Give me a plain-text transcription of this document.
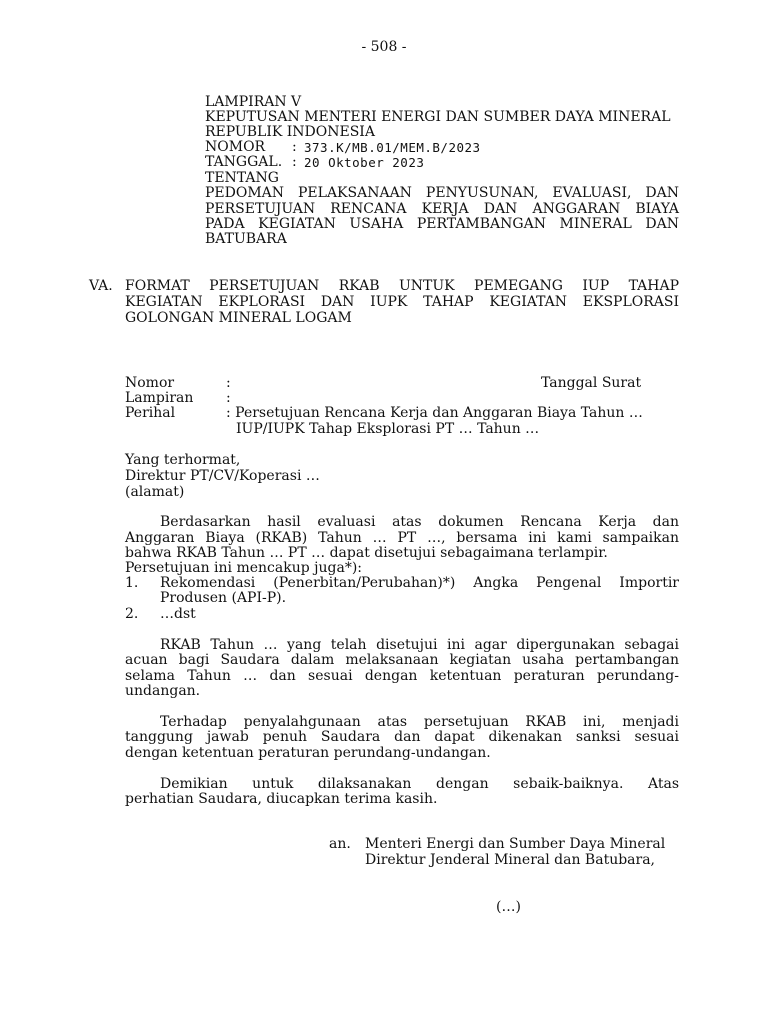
- 508 -
LAMPIRAN V
KEPUTUSAN MENTERI ENERGI DAN SUMBER DAYA MINERAL
REPUBLIK INDONESIA
NOMOR : 373.K/MB.01/MEM.B/2023
TANGGAL. : 20 Oktober 2023
TENTANG
PEDOMAN PELAKSANAAN PENYUSUNAN, EVALUASI, DAN
PERSETUJUAN RENCANA KERJA DAN ANGGARAN BIAYA
PADA KEGIATAN USAHA PERTAMBANGAN MINERAL DAN
BATUBARA
VA. FORMAT PERSETUJUAN RKAB UNTUK PEMEGANG IUP TAHAP
KEGIATAN EKPLORASI DAN IUPK TAHAP KEGIATAN EKSPLORASI
GOLONGAN MINERAL LOGAM
Nomor	:	Tanggal Surat
Lampiran :
Perihal	: Persetujuan Rencana Kerja dan Anggaran Biaya Tahun …
IUP/IUPK Tahap Eksplorasi PT … Tahun …
Yang terhormat,
Direktur PT/CV/Koperasi …
(alamat)
Berdasarkan hasil evaluasi atas dokumen Rencana Kerja dan
Anggaran Biaya (RKAB) Tahun … PT …, bersama ini kami sampaikan
bahwa RKAB Tahun … PT … dapat disetujui sebagaimana terlampir.
Persetujuan ini mencakup juga*):
1. Rekomendasi (Penerbitan/Perubahan)*) Angka Pengenal Importir
Produsen (API-P).
2. …dst
RKAB Tahun … yang telah disetujui ini agar dipergunakan sebagai
acuan bagi Saudara dalam melaksanaan kegiatan usaha pertambangan
selama Tahun … dan sesuai dengan ketentuan peraturan perundang-
undangan.
Terhadap penyalahgunaan atas persetujuan RKAB ini, menjadi
tanggung jawab penuh Saudara dan dapat dikenakan sanksi sesuai
dengan ketentuan peraturan perundang-undangan.
Demikian untuk dilaksanakan dengan sebaik-baiknya. Atas
perhatian Saudara, diucapkan terima kasih.
an. Menteri Energi dan Sumber Daya Mineral
Direktur Jenderal Mineral dan Batubara,
(…)
